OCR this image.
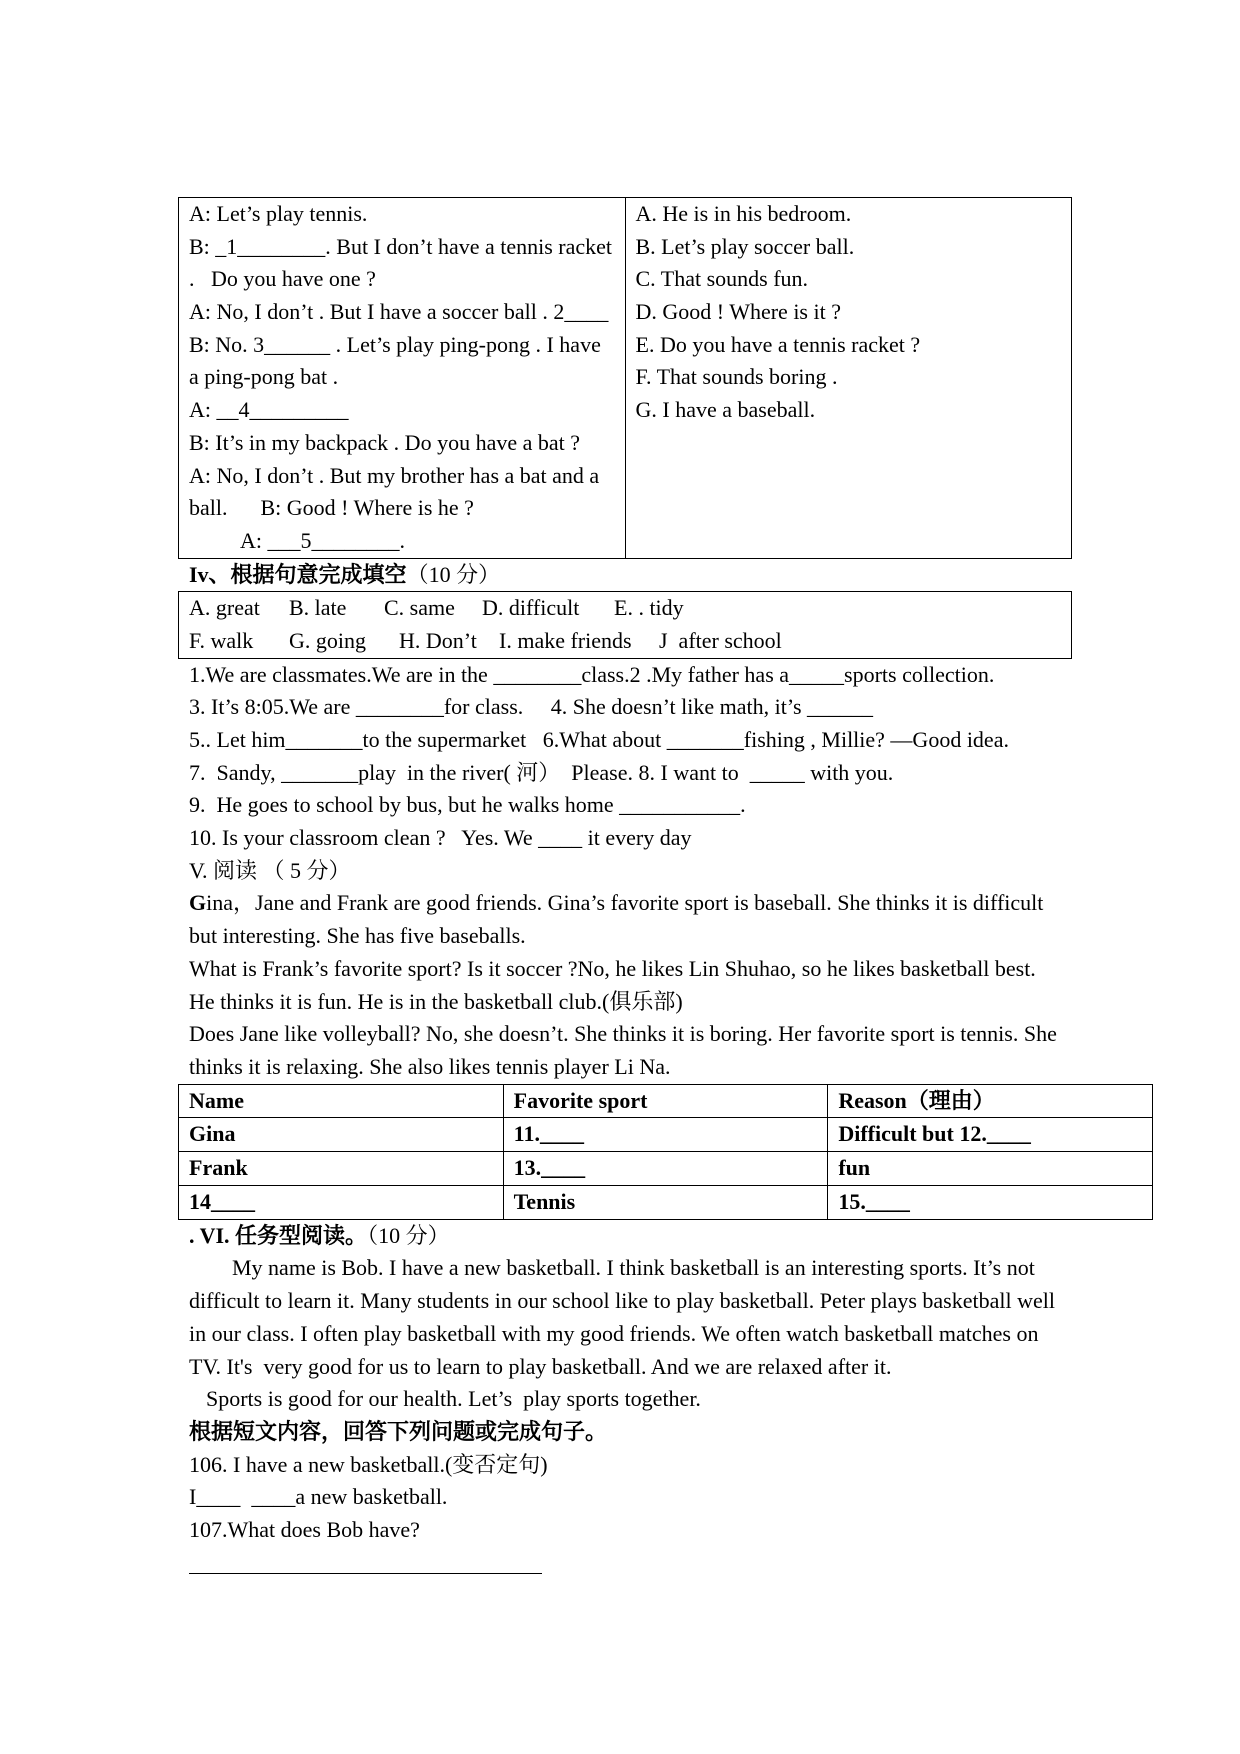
A: Let’s play tennis.
B: _1________. But I don’t have a tennis racket
.   Do you have one ?
A: No, I don’t . But I have a soccer ball . 2____
B: No. 3______ . Let’s play ping-pong . I have
a ping-pong bat .
A: __4_________
B: It’s in my backpack . Do you have a bat ?
A: No, I don’t . But my brother has a bat and a
ball.      B: Good ! Where is he ?
A: ___5________.
A. He is in his bedroom.
B. Let’s play soccer ball.
C. That sounds fun.
D. Good ! Where is it ?
E. Do you have a tennis racket ?
F. That sounds boring .
G. I have a baseball.
Iv、根据句意完成填空（10 分）
A. great B. late C. same D. difficult E. . tidy
F. walk G. going H. Don’t I. make friends J  after school
1.We are classmates.We are in the ________class.2 .My father has a_____sports collection.
3. It’s 8:05.We are ________for class.     4. She doesn’t like math, it’s ______
5.. Let him_______to the supermarket   6.What about _______fishing , Millie? —Good idea.
7.  Sandy, _______play  in the river( 河）  Please. 8. I want to  _____ with you.
9.  He goes to school by bus, but he walks home ___________.
10. Is your classroom clean ?   Yes. We ____ it every day
V. 阅读 （ 5 分）
Gina，Jane and Frank are good friends. Gina’s favorite sport is baseball. She thinks it is difficult
but interesting. She has five baseballs.
What is Frank’s favorite sport? Is it soccer ?No, he likes Lin Shuhao, so he likes basketball best.
He thinks it is fun. He is in the basketball club.(俱乐部)
Does Jane like volleyball? No, she doesn’t. She thinks it is boring. Her favorite sport is tennis. She
thinks it is relaxing. She also likes tennis player Li Na.
Name	Favorite sport	Reason（理由）
Gina	11.____	Difficult but 12.____
Frank	13.____	fun
14____	Tennis	15.____
. VI. 任务型阅读。（10 分）
My name is Bob. I have a new basketball. I think basketball is an interesting sports. It’s not
difficult to learn it. Many students in our school like to play basketball. Peter plays basketball well
in our class. I often play basketball with my good friends. We often watch basketball matches on
TV. It's  very good for us to learn to play basketball. And we are relaxed after it.
Sports is good for our health. Let’s  play sports together.
根据短文内容，回答下列问题或完成句子。
106. I have a new basketball.(变否定句)
I____  ____a new basketball.
107.What does Bob have?
